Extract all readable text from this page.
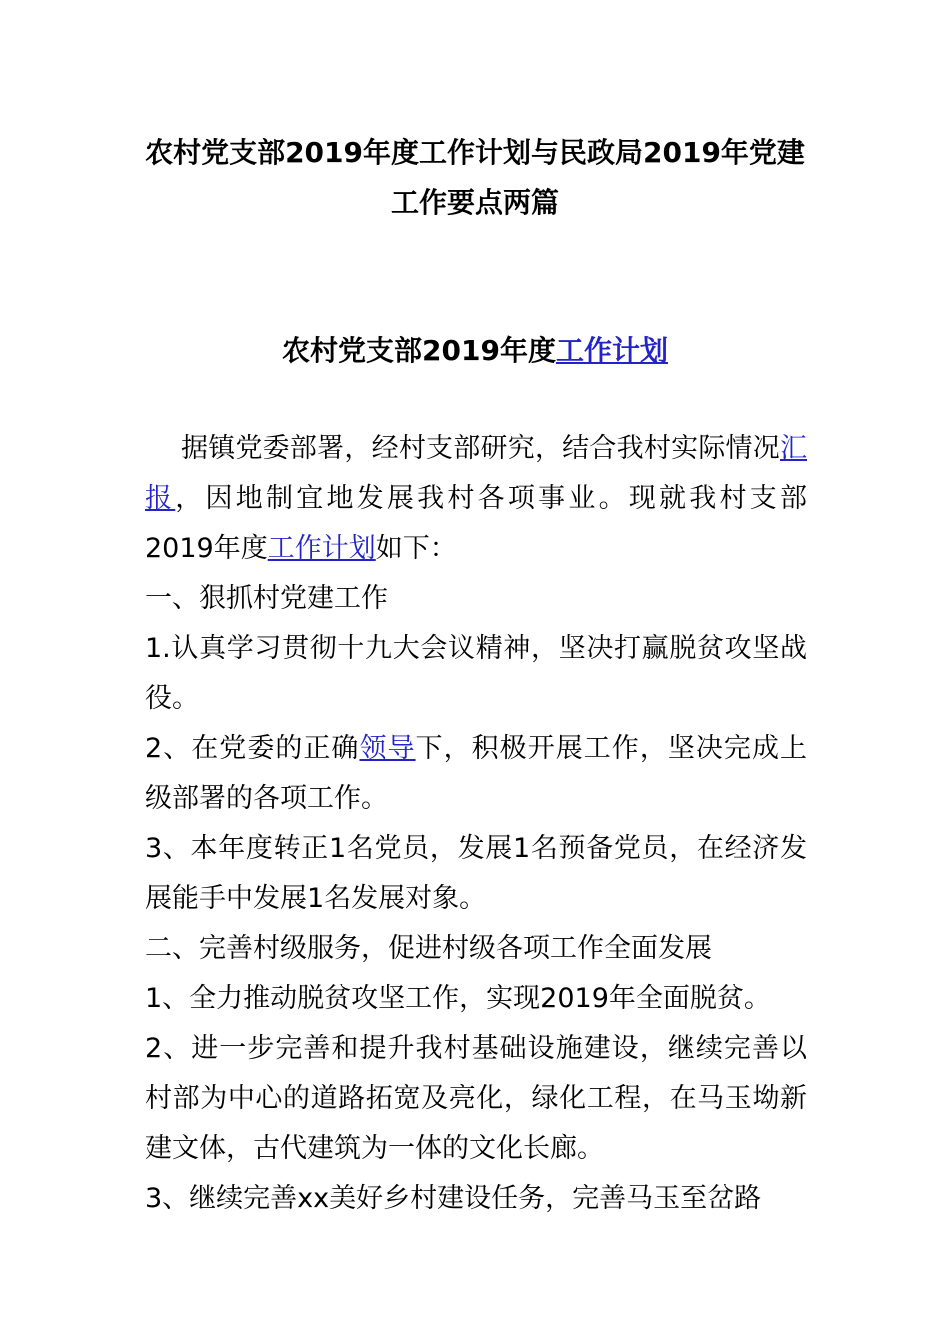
农村党支部2019年度工作计划与民政局2019年党建工作要点两篇
农村党支部2019年度工作计划

据镇党委部署，经村支部研究，结合我村实际情况汇报，因地制宜地发展我村各项事业。现就我村支部2019年度工作计划如下：

一、狠抓村党建工作

1.认真学习贯彻十九大会议精神，坚决打赢脱贫攻坚战役。

2、在党委的正确领导下，积极开展工作，坚决完成上级部署的各项工作。

3、本年度转正1名党员，发展1名预备党员，在经济发展能手中发展1名发展对象。

二、完善村级服务，促进村级各项工作全面发展

1、全力推动脱贫攻坚工作，实现2019年全面脱贫。

2、进一步完善和提升我村基础设施建设，继续完善以村部为中心的道路拓宽及亮化，绿化工程，在马玉坳新建文体，古代建筑为一体的文化长廊。

3、继续完善xx美好乡村建设任务，完善马玉至岔路
